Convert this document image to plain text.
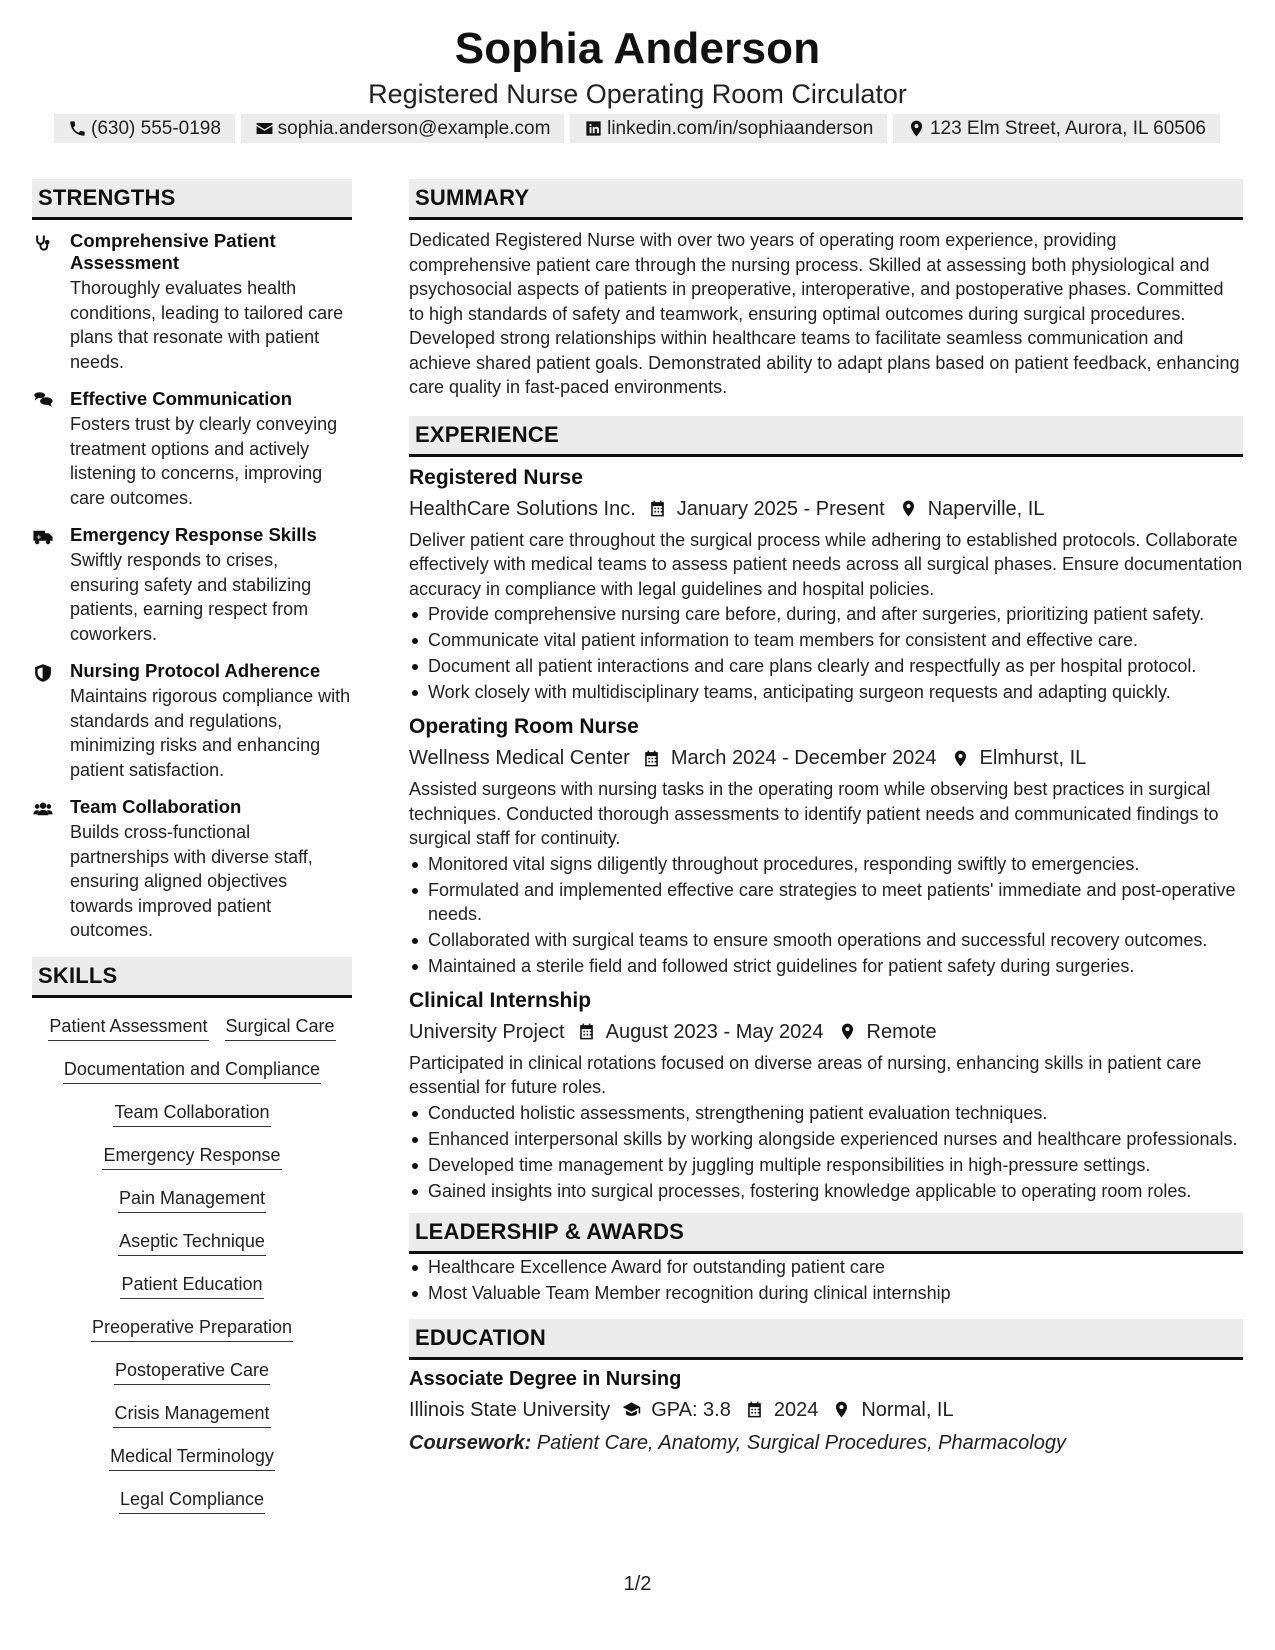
Sophia Anderson
Registered Nurse Operating Room Circulator
(630) 555-0198	sophia.anderson@example.com	linkedin.com/in/sophiaanderson	123 Elm Street, Aurora, IL 60506
STRENGTHS
Comprehensive Patient Assessment
Thoroughly evaluates health conditions, leading to tailored care plans that resonate with patient needs.
Effective Communication
Fosters trust by clearly conveying treatment options and actively listening to concerns, improving care outcomes.
Emergency Response Skills
Swiftly responds to crises, ensuring safety and stabilizing patients, earning respect from coworkers.
Nursing Protocol Adherence
Maintains rigorous compliance with standards and regulations, minimizing risks and enhancing patient satisfaction.
Team Collaboration
Builds cross-functional partnerships with diverse staff, ensuring aligned objectives towards improved patient outcomes.
SKILLS
Patient Assessment Surgical Care
Documentation and Compliance
Team Collaboration
Emergency Response
Pain Management
Aseptic Technique
Patient Education
Preoperative Preparation
Postoperative Care
Crisis Management
Medical Terminology
Legal Compliance
SUMMARY
Dedicated Registered Nurse with over two years of operating room experience, providing comprehensive patient care through the nursing process. Skilled at assessing both physiological and psychosocial aspects of patients in preoperative, interoperative, and postoperative phases. Committed to high standards of safety and teamwork, ensuring optimal outcomes during surgical procedures. Developed strong relationships within healthcare teams to facilitate seamless communication and achieve shared patient goals. Demonstrated ability to adapt plans based on patient feedback, enhancing care quality in fast-paced environments.
EXPERIENCE
Registered Nurse
HealthCare Solutions Inc. January 2025 - Present Naperville, IL
Deliver patient care throughout the surgical process while adhering to established protocols. Collaborate effectively with medical teams to assess patient needs across all surgical phases. Ensure documentation accuracy in compliance with legal guidelines and hospital policies.
Provide comprehensive nursing care before, during, and after surgeries, prioritizing patient safety.
Communicate vital patient information to team members for consistent and effective care.
Document all patient interactions and care plans clearly and respectfully as per hospital protocol.
Work closely with multidisciplinary teams, anticipating surgeon requests and adapting quickly.
Operating Room Nurse
Wellness Medical Center March 2024 - December 2024 Elmhurst, IL
Assisted surgeons with nursing tasks in the operating room while observing best practices in surgical techniques. Conducted thorough assessments to identify patient needs and communicated findings to surgical staff for continuity.
Monitored vital signs diligently throughout procedures, responding swiftly to emergencies.
Formulated and implemented effective care strategies to meet patients' immediate and post-operative needs.
Collaborated with surgical teams to ensure smooth operations and successful recovery outcomes.
Maintained a sterile field and followed strict guidelines for patient safety during surgeries.
Clinical Internship
University Project August 2023 - May 2024 Remote
Participated in clinical rotations focused on diverse areas of nursing, enhancing skills in patient care essential for future roles.
Conducted holistic assessments, strengthening patient evaluation techniques.
Enhanced interpersonal skills by working alongside experienced nurses and healthcare professionals.
Developed time management by juggling multiple responsibilities in high-pressure settings.
Gained insights into surgical processes, fostering knowledge applicable to operating room roles.
LEADERSHIP & AWARDS
Healthcare Excellence Award for outstanding patient care
Most Valuable Team Member recognition during clinical internship
EDUCATION
Associate Degree in Nursing
Illinois State University GPA: 3.8 2024 Normal, IL
Coursework: Patient Care, Anatomy, Surgical Procedures, Pharmacology
1/2
